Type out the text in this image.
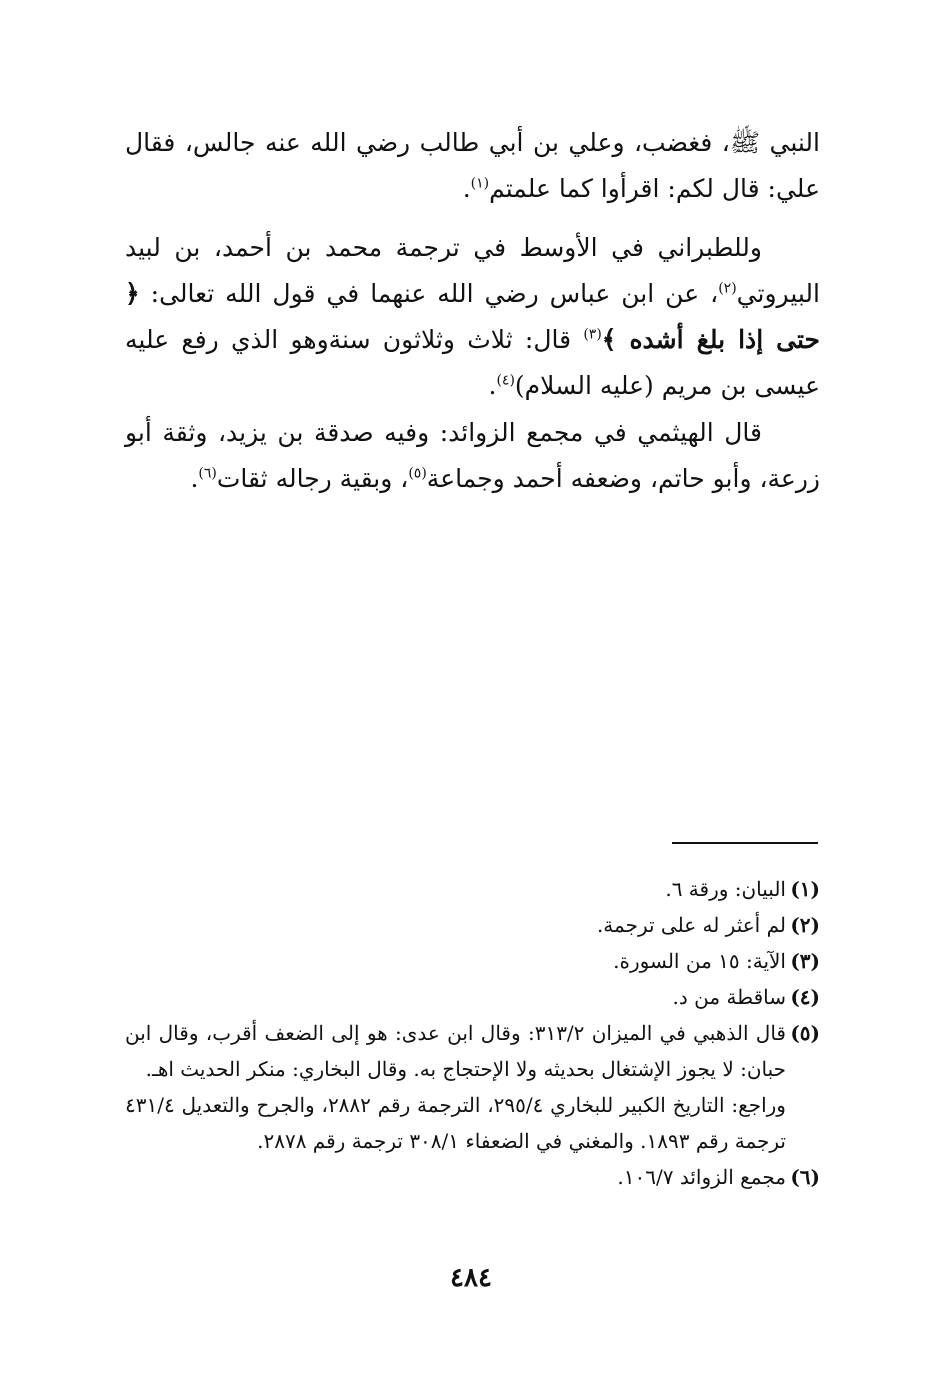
النبي ﷺ، فغضب، وعلي بن أبي طالب رضي الله عنه جالس، فقال علي: قال لكم: اقرأوا كما علمتم$^{(١)}$.

وللطبراني في الأوسط في ترجمة محمد بن أحمد، بن لبيد البيروتي$^{(٢)}$، عن ابن عباس رضي الله عنهما في قول الله تعالى: ﴿ حتى إذا بلغ أشده ﴾$^{(٣)}$ قال: ثلاث وثلاثون سنةوهو الذي رفع عليه عيسى بن مريم (عليه السلام)$^{(٤)}$.

قال الهيثمي في مجمع الزوائد: وفيه صدقة بن يزيد، وثقة أبو زرعة، وأبو حاتم، وضعفه أحمد وجماعة$^{(٥)}$، وبقية رجاله ثقات$^{(٦)}$.

(١)
البيان: ورقة ٦.

(٢)
لم أعثر له على ترجمة.

(٣)
الآية: ١٥ من السورة.

(٤)
ساقطة من د.

(٥)
قال الذهبي في الميزان ٣١٣/٢: وقال ابن عدى: هو إلى الضعف أقرب، وقال ابن حبان: لا يجوز الإشتغال بحديثه ولا الإحتجاج به. وقال البخاري: منكر الحديث اهـ.

وراجع: التاريخ الكبير للبخاري ٢٩٥/٤، الترجمة رقم ٢٨٨٢، والجرح والتعديل ٤٣١/٤ ترجمة رقم ١٨٩٣. والمغني في الضعفاء ٣٠٨/١ ترجمة رقم ٢٨٧٨.

(٦)
مجمع الزوائد ١٠٦/٧.

٤٨٤
